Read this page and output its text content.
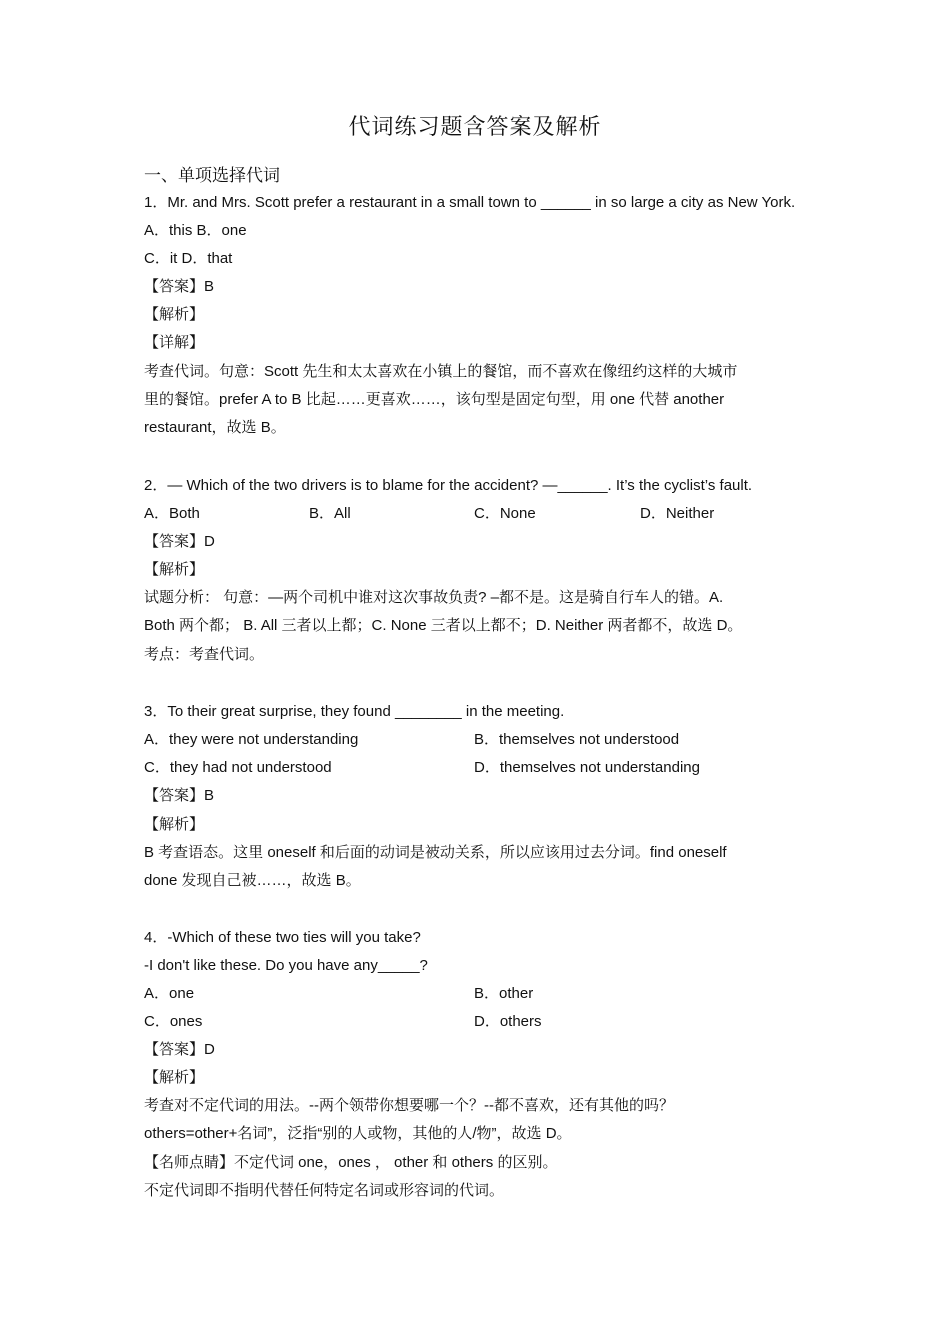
代词练习题含答案及解析
一、单项选择代词
1．Mr. and Mrs. Scott prefer a restaurant in a small town to ______ in so large a city as New York.
A．this B．one
C．it D．that
【答案】B
【解析】
【详解】
考查代词。句意：Scott 先生和太太喜欢在小镇上的餐馆，而不喜欢在像纽约这样的大城市
里的餐馆。prefer A to B 比起……更喜欢……，该句型是固定句型，用 one 代替 another
restaurant，故选 B。
2．— Which of the two drivers is to blame for the accident? —______. It’s the cyclist’s fault.
A．Both	B．All	C．None	D．Neither
【答案】D
【解析】
试题分析： 句意：—两个司机中谁对这次事故负责? –都不是。这是骑自行车人的错。A.
Both 两个都； B. All 三者以上都；C. None 三者以上都不；D. Neither 两者都不，故选 D。
考点：考查代词。
3．To their great surprise, they found ________ in the meeting.
A．they were not understanding	B．themselves not understood
C．they had not understood	D．themselves not understanding
【答案】B
【解析】
B 考查语态。这里 oneself 和后面的动词是被动关系，所以应该用过去分词。find oneself
done 发现自己被……，故选 B。
4．-Which of these two ties will you take?
-I don't like these. Do you have any_____?
A．one	B．other
C．ones	D．others
【答案】D
【解析】
考查对不定代词的用法。--两个领带你想要哪一个？--都不喜欢，还有其他的吗？
others=other+名词”，泛指“别的人或物，其他的人/物”，故选 D。
【名师点睛】不定代词 one，ones ， other 和 others 的区别。
不定代词即不指明代替任何特定名词或形容词的代词。
